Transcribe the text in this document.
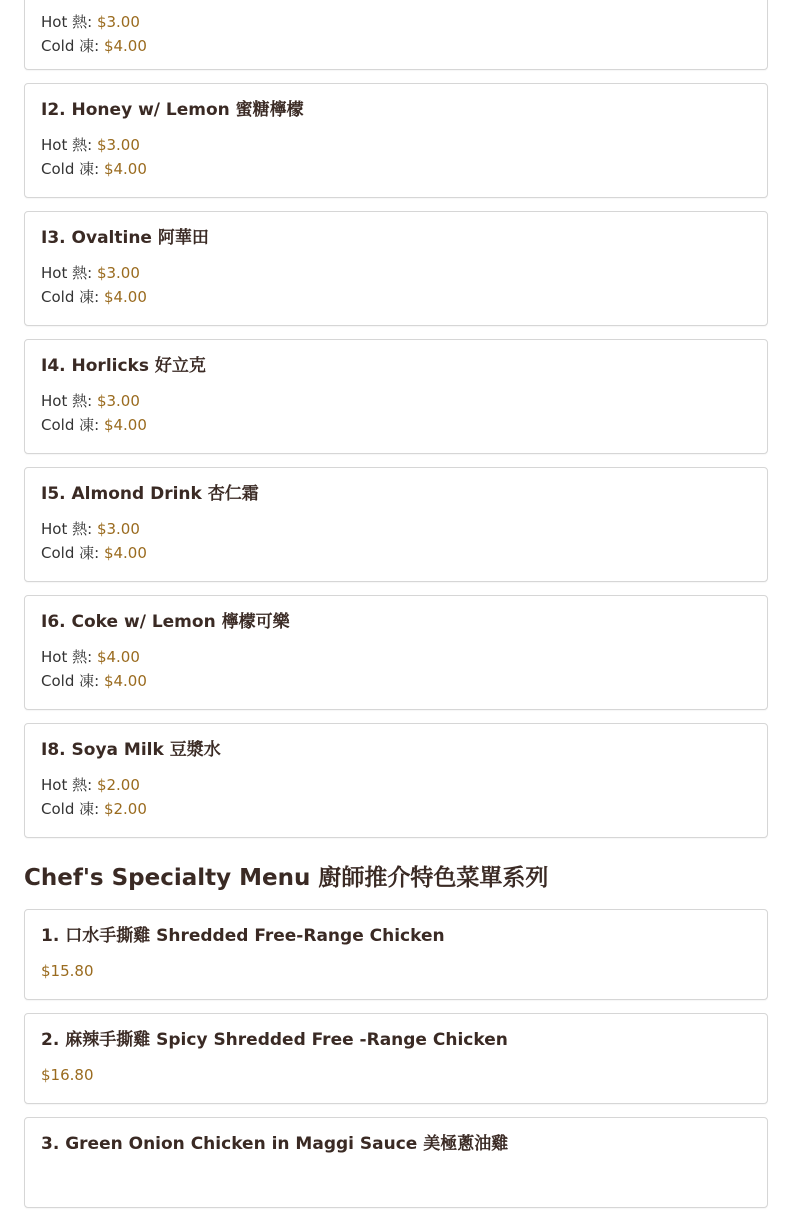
Hot 熱: $3.00
Cold 凍: $4.00
I2. Honey w/ Lemon 蜜糖檸檬
Hot 熱: $3.00
Cold 凍: $4.00
I3. Ovaltine 阿華田
Hot 熱: $3.00
Cold 凍: $4.00
I4. Horlicks 好立克
Hot 熱: $3.00
Cold 凍: $4.00
I5. Almond Drink 杏仁霜
Hot 熱: $3.00
Cold 凍: $4.00
I6. Coke w/ Lemon 檸檬可樂
Hot 熱: $4.00
Cold 凍: $4.00
I8. Soya Milk 豆漿水
Hot 熱: $2.00
Cold 凍: $2.00
Chef's Specialty Menu 廚師推介特色菜單系列
1. 口水手撕雞 Shredded Free-Range Chicken
$15.80
2. 麻辣手撕雞 Spicy Shredded Free -Range Chicken
$16.80
3. Green Onion Chicken in Maggi Sauce 美極蔥油雞
